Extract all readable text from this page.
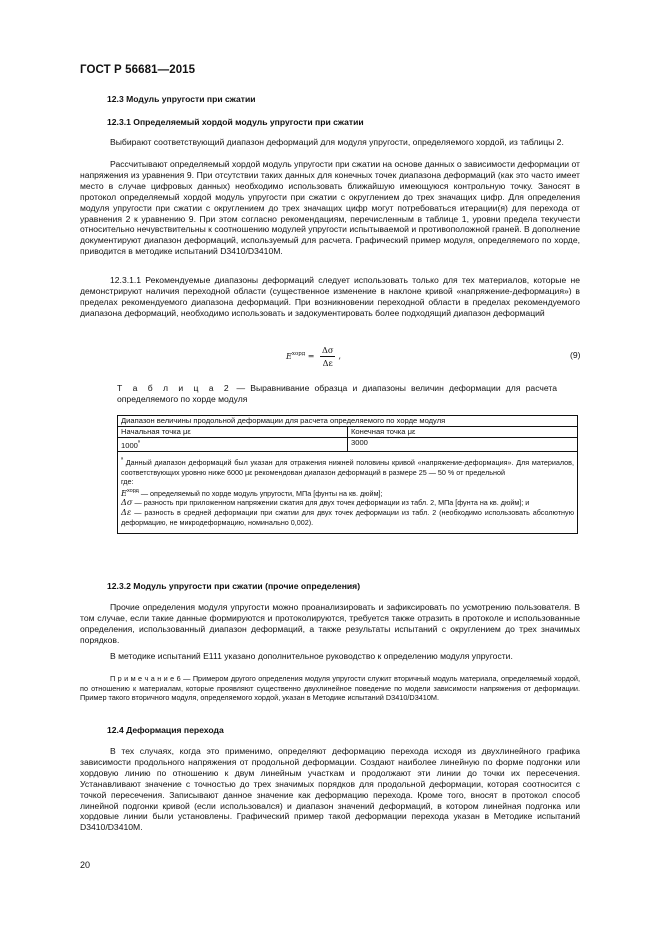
ГОСТ Р 56681—2015
12.3 Модуль упругости при сжатии
12.3.1 Определяемый хордой модуль упругости при сжатии
Выбирают соответствующий диапазон деформаций для модуля упругости, определяемого хордой, из таблицы 2.
Рассчитывают определяемый хордой модуль упругости при сжатии на основе данных о зависимости деформации от напряжения из уравнения 9. При отсутствии таких данных для конечных точек диапазона деформаций (как это часто имеет место в случае цифровых данных) необходимо использовать ближайшую имеющуюся контрольную точку. Заносят в протокол определяемый хордой модуль упругости при сжатии с округлением до трех значащих цифр. Для определения модуля упругости при сжатии с округлением до трех значащих цифр могут потребоваться итерации(я) для перехода от уравнения 2 к уравнению 9. При этом согласно рекомендациям, перечисленным в таблице 1, уровни предела текучести относительно нечувствительны к соотношению модулей упругости испытываемой и противоположной граней. В дополнение документируют диапазон деформаций, используемый для расчета. Графический пример модуля, определяемого по хорде, приводится в методике испытаний D3410/D3410M.
12.3.1.1 Рекомендуемые диапазоны деформаций следует использовать только для тех материалов, которые не демонстрируют наличия переходной области (существенное изменение в наклоне кривой «напряжение-деформация») в пределах рекомендуемого диапазона деформаций. При возникновении переходной области в пределах рекомендуемого диапазона деформаций, необходимо использовать и задокументировать более подходящий диапазон деформаций
$E^{хорд} = \frac{\Delta\sigma}{\Delta\varepsilon}$ ,	(9)
Т а б л и ц а 2 — Выравнивание образца и диапазоны величин деформации для расчета определяемого по хорде модуля
Диапазон величины продольной деформации для расчета определяемого по хорде модуля	
Начальная точка με	Конечная точка με
$1000^ª$	3000

$^ª$ Данный диапазон деформаций был указан для отражения нижней половины кривой «напряжение-деформация». Для материалов, соответствующих уровню ниже 6000 με рекомендован диапазон деформаций в размере 25 — 50 % от предельной
где:
$E^{хорд}$ — определяемый по хорде модуль упругости, МПа [фунты на кв. дюйм];
Δσ — разность при приложенном напряжении сжатия для двух точек деформации из табл. 2, МПа [фунта на кв. дюйм]; и
Δε — разность в средней деформации при сжатии для двух точек деформации из табл. 2 (необходимо использовать абсолютную деформацию, не микродеформацию, номинально 0,002).	
12.3.2 Модуль упругости при сжатии (прочие определения)
Прочие определения модуля упругости можно проанализировать и зафиксировать по усмотрению пользователя. В том случае, если такие данные формируются и протоколируются, требуется также отразить в протоколе и использованные определения, использованный диапазон деформаций, а также результаты испытаний с округлением до трех значимых порядков.
В методике испытаний E111 указано дополнительное руководство к определению модуля упругости.
П р и м е ч а н и е 6 — Примером другого определения модуля упругости служит вторичный модуль материала, определяемый хордой, по отношению к материалам, которые проявляют существенно двухлинейное поведение по модели зависимости напряжения от деформации. Пример такого вторичного модуля, определяемого хордой, указан в Методике испытаний D3410/D3410M.
12.4 Деформация перехода
В тех случаях, когда это применимо, определяют деформацию перехода исходя из двухлинейного графика зависимости продольного напряжения от продольной деформации. Создают наиболее линейную по форме подгонки или хордовую линию по отношению к двум линейным участкам и продолжают эти линии до точки их пересечения. Устанавливают значение с точностью до трех значимых порядков для продольной деформации, которая соотносится с точкой пересечения. Записывают данное значение как деформацию перехода. Кроме того, вносят в протокол способ линейной подгонки кривой (если использовался) и диапазон значений деформаций, в котором линейная подгонка или хордовые линии были установлены. Графический пример такой деформации перехода указан в Методике испытаний D3410/D3410M.
20
